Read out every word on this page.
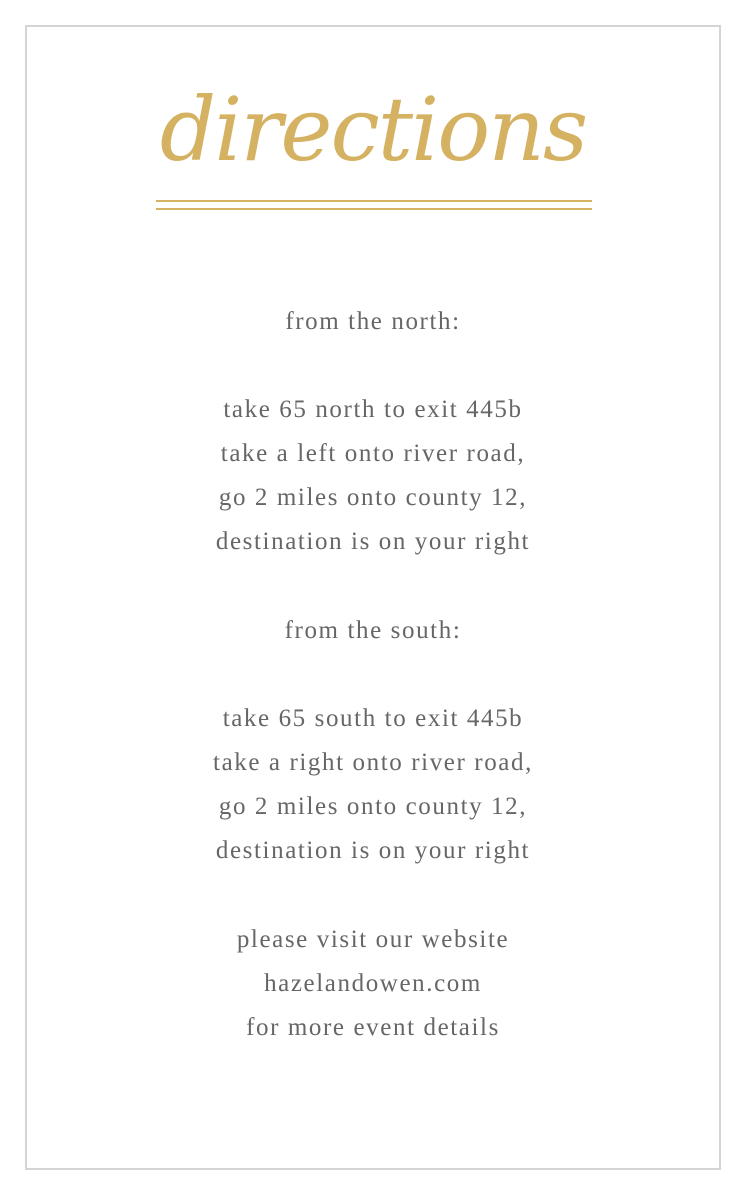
directions
from the north:
take 65 north to exit 445b
take a left onto river road,
go 2 miles onto county 12,
destination is on your right
from the south:
take 65 south to exit 445b
take a right onto river road,
go 2 miles onto county 12,
destination is on your right
please visit our website
hazelandowen.com
for more event details
